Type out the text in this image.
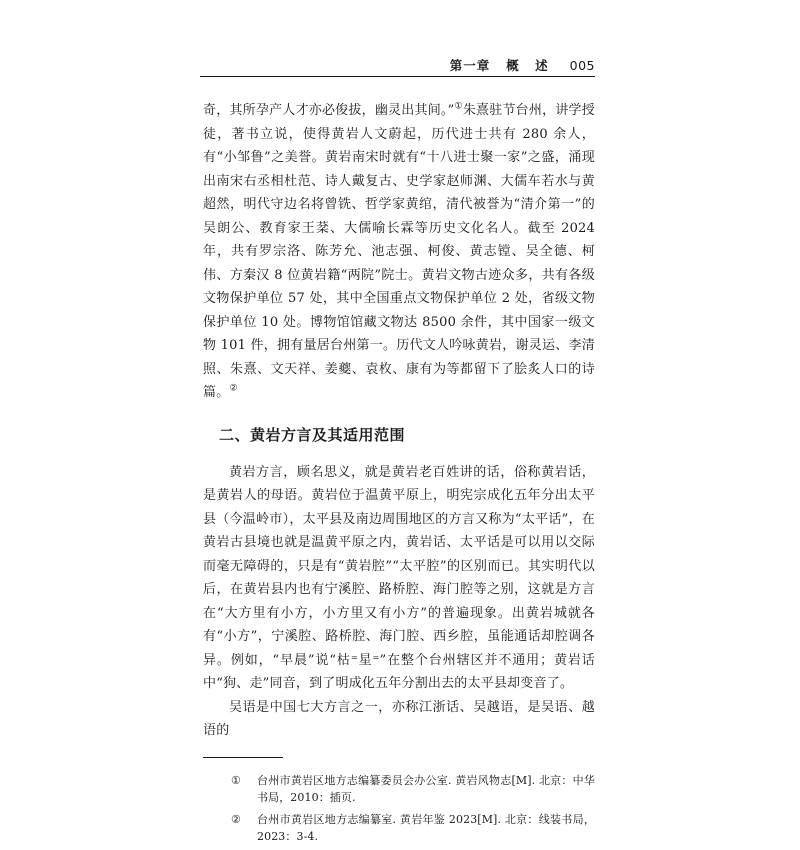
第一章 概 述 005

奇，其所孕产人才亦必俊拔，幽灵出其间。”①朱熹驻节台州，讲学授徒，著书立说，使得黄岩人文蔚起，历代进士共有 280 余人，有“小邹鲁”之美誉。黄岩南宋时就有“十八进士聚一家”之盛，涌现出南宋右丞相杜范、诗人戴复古、史学家赵师渊、大儒车若水与黄超然，明代守边名将曾铣、哲学家黄绾，清代被誉为“清介第一”的吴朗公、教育家王棻、大儒喻长霖等历史文化名人。截至 2024 年，共有罗宗洛、陈芳允、池志强、柯俊、黄志镗、吴全德、柯伟、方秦汉 8 位黄岩籍“两院”院士。黄岩文物古迹众多，共有各级文物保护单位 57 处，其中全国重点文物保护单位 2 处，省级文物保护单位 10 处。博物馆馆藏文物达 8500 余件，其中国家一级文物 101 件，拥有量居台州第一。历代文人吟咏黄岩，谢灵运、李清照、朱熹、文天祥、姜夔、袁枚、康有为等都留下了脍炙人口的诗篇。②

二、黄岩方言及其适用范围

黄岩方言，顾名思义，就是黄岩老百姓讲的话，俗称黄岩话，是黄岩人的母语。黄岩位于温黄平原上，明宪宗成化五年分出太平县（今温岭市），太平县及南边周围地区的方言又称为“太平话”，在黄岩古县境也就是温黄平原之内，黄岩话、太平话是可以用以交际而毫无障碍的，只是有“黄岩腔”“太平腔”的区别而已。其实明代以后，在黄岩县内也有宁溪腔、路桥腔、海门腔等之别，这就是方言在“大方里有小方，小方里又有小方”的普遍现象。出黄岩城就各有“小方”，宁溪腔、路桥腔、海门腔、西乡腔，虽能通话却腔调各异。例如，“早晨”说“枯⁼星⁼”在整个台州辖区并不通用；黄岩话中“狗、走”同音，到了明成化五年分割出去的太平县却变音了。

吴语是中国七大方言之一，亦称江浙话、吴越语，是吴语、越语的

①	台州市黄岩区地方志编纂委员会办公室. 黄岩风物志[M]. 北京：中华书局，2010：插页.
②	台州市黄岩区地方志编纂室. 黄岩年鉴 2023[M]. 北京：线装书局，2023：3-4.
